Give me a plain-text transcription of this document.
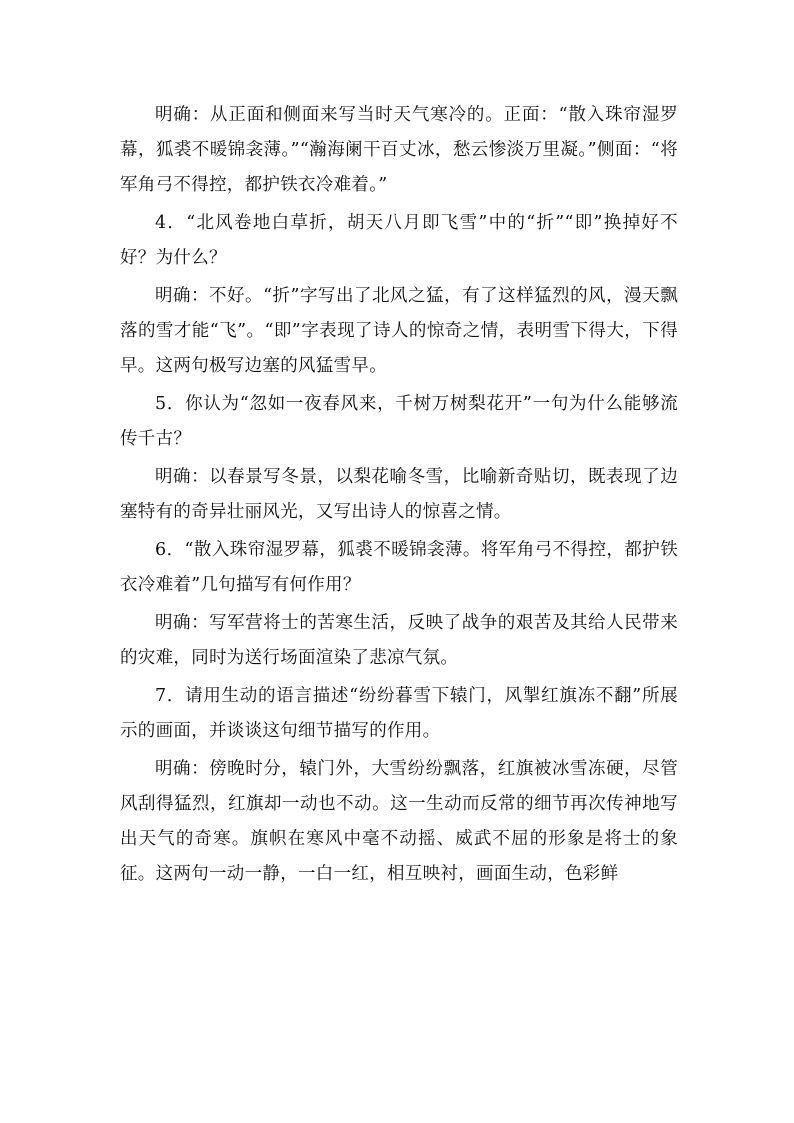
明确：从正面和侧面来写当时天气寒冷的。正面：“散入珠帘湿罗幕，狐裘不暖锦衾薄。”“瀚海阑干百丈冰，愁云惨淡万里凝。”侧面：“将军角弓不得控，都护铁衣冷难着。”

4．“北风卷地白草折，胡天八月即飞雪”中的“折”“即”换掉好不好？为什么？

明确：不好。“折”字写出了北风之猛，有了这样猛烈的风，漫天飘落的雪才能“飞”。“即”字表现了诗人的惊奇之情，表明雪下得大，下得早。这两句极写边塞的风猛雪早。

5．你认为“忽如一夜春风来，千树万树梨花开”一句为什么能够流传千古？

明确：以春景写冬景，以梨花喻冬雪，比喻新奇贴切，既表现了边塞特有的奇异壮丽风光，又写出诗人的惊喜之情。

6．“散入珠帘湿罗幕，狐裘不暖锦衾薄。将军角弓不得控，都护铁衣冷难着”几句描写有何作用？

明确：写军营将士的苦寒生活，反映了战争的艰苦及其给人民带来的灾难，同时为送行场面渲染了悲凉气氛。

7．请用生动的语言描述“纷纷暮雪下辕门，风掣红旗冻不翻”所展示的画面，并谈谈这句细节描写的作用。

明确：傍晚时分，辕门外，大雪纷纷飘落，红旗被冰雪冻硬，尽管风刮得猛烈，红旗却一动也不动。这一生动而反常的细节再次传神地写出天气的奇寒。旗帜在寒风中毫不动摇、威武不屈的形象是将士的象征。这两句一动一静，一白一红，相互映衬，画面生动，色彩鲜
